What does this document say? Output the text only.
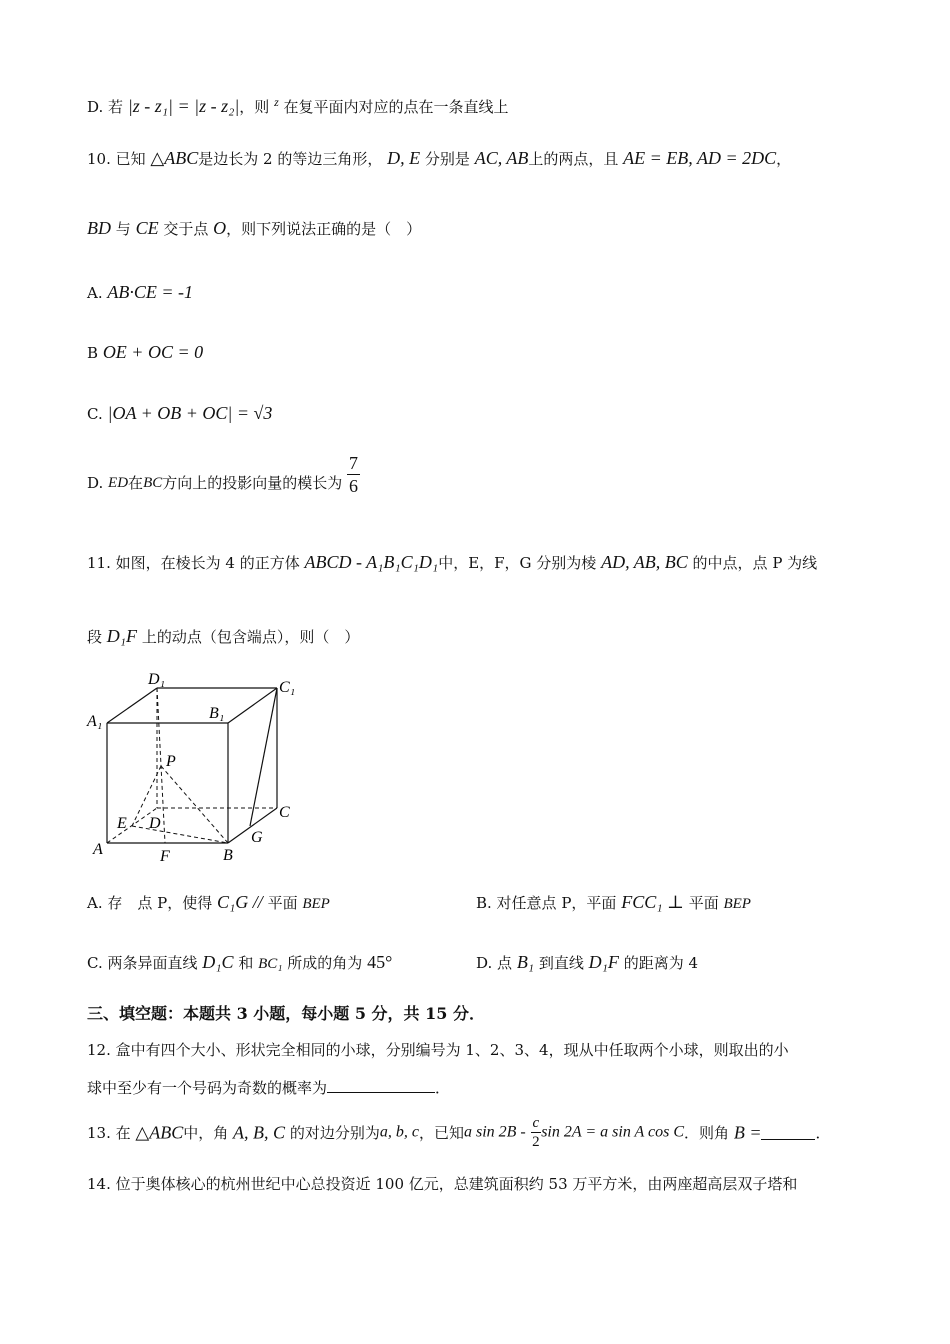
D. 若 |z - z₁| = |z - z₂|，则 $^z$ 在复平面内对应的点在一条直线上
10. 已知 △ABC是边长为 2 的等边三角形， D, E 分别是 AC, AB上的两点，且 AE = EB, AD = 2DC，
BD 与 CE 交于点 O，则下列说法正确的是（　）
A. AB·CE = -1
B OE + OC = 0
C. |OA + OB + OC| = √3
D. ED在BC方向上的投影向量的模长为 $\frac{7}{6}$
11. 如图，在棱长为 4 的正方体 ABCD - A₁B₁C₁D₁中，E，F，G 分别为棱 AD, AB, BC 的中点，点 P 为线
段 D₁F 上的动点（包含端点），则（　）
D₁	C₁
A₁	B₁
P
E D
C
A	F	B
G
A. 存　点 P，使得 C₁G // 平面 BEP	B. 对任意点 P，平面 FCC₁ ⊥ 平面 BEP
C. 两条异面直线 D₁C 和 BC₁ 所成的角为 45°	D. 点 B₁ 到直线 D₁F 的距离为 4
三、填空题：本题共 3 小题，每小题 5 分，共 15 分．
12. 盒中有四个大小、形状完全相同的小球，分别编号为 1、2、3、4，现从中任取两个小球，则取出的小
球中至少有一个号码为奇数的概率为	．
13. 在 △ABC中，角 A, B, C 的对边分别为a, b, c，已知a $\sin 2B - \frac{c}{2}$ sin 2A = a sin A cos C．则角 B =	．
14. 位于奥体核心的杭州世纪中心总投资近 100 亿元，总建筑面积约 53 万平方米，由两座超高层双子塔和
